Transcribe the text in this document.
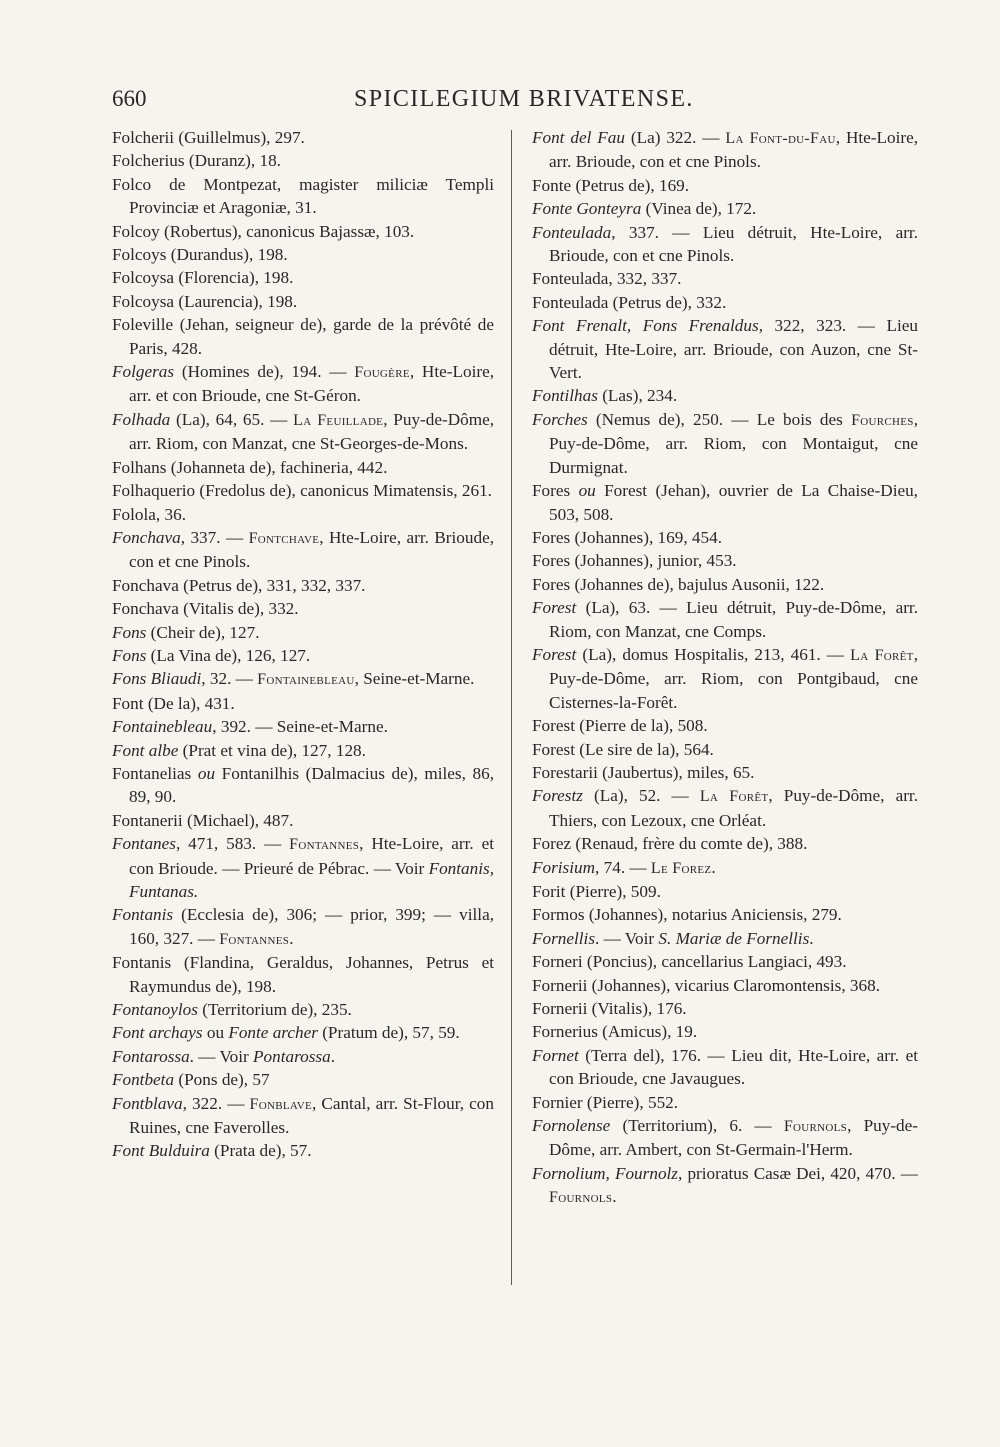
660	SPICILEGIUM BRIVATENSE.

Folcherii (Guillelmus), 297.

Folcherius (Duranz), 18.

Folco de Montpezat, magister miliciæ Templi Provinciæ et Aragoniæ, 31.

Folcoy (Robertus), canonicus Bajassæ, 103.

Folcoys (Durandus), 198.

Folcoysa (Florencia), 198.

Folcoysa (Laurencia), 198.

Foleville (Jehan, seigneur de), garde de la prévôté de Paris, 428.

Folgeras (Homines de), 194. — Fougère, Hte-Loire, arr. et con Brioude, cne St-Géron.

Folhada (La), 64, 65. — La Feuillade, Puy-de-Dôme, arr. Riom, con Manzat, cne St-Georges-de-Mons.

Folhans (Johanneta de), fachineria, 442.

Folhaquerio (Fredolus de), canonicus Mimatensis, 261.

Folola, 36.

Fonchava, 337. — Fontchave, Hte-Loire, arr. Brioude, con et cne Pinols.

Fonchava (Petrus de), 331, 332, 337.

Fonchava (Vitalis de), 332.

Fons (Cheir de), 127.

Fons (La Vina de), 126, 127.

Fons Bliaudi, 32. — Fontainebleau, Seine-et-Marne.

Font (De la), 431.

Fontainebleau, 392. — Seine-et-Marne.

Font albe (Prat et vina de), 127, 128.

Fontanelias ou Fontanilhis (Dalmacius de), miles, 86, 89, 90.

Fontanerii (Michael), 487.

Fontanes, 471, 583. — Fontannes, Hte-Loire, arr. et con Brioude. — Prieuré de Pébrac. — Voir Fontanis, Funtanas.

Fontanis (Ecclesia de), 306; — prior, 399; — villa, 160, 327. — Fontannes.

Fontanis (Flandina, Geraldus, Johannes, Petrus et Raymundus de), 198.

Fontanoylos (Territorium de), 235.

Font archays ou Fonte archer (Pratum de), 57, 59.

Fontarossa. — Voir Pontarossa.

Fontbeta (Pons de), 57

Fontblava, 322. — Fonblave, Cantal, arr. St-Flour, con Ruines, cne Faverolles.

Font Bulduira (Prata de), 57.

Font del Fau (La) 322. — La Font-du-Fau, Hte-Loire, arr. Brioude, con et cne Pinols.

Fonte (Petrus de), 169.

Fonte Gonteyra (Vinea de), 172.

Fonteulada, 337. — Lieu détruit, Hte-Loire, arr. Brioude, con et cne Pinols.

Fonteulada, 332, 337.

Fonteulada (Petrus de), 332.

Font Frenalt, Fons Frenaldus, 322, 323. — Lieu détruit, Hte-Loire, arr. Brioude, con Auzon, cne St-Vert.

Fontilhas (Las), 234.

Forches (Nemus de), 250. — Le bois des Fourches, Puy-de-Dôme, arr. Riom, con Montaigut, cne Durmignat.

Fores ou Forest (Jehan), ouvrier de La Chaise-Dieu, 503, 508.

Fores (Johannes), 169, 454.

Fores (Johannes), junior, 453.

Fores (Johannes de), bajulus Ausonii, 122.

Forest (La), 63. — Lieu détruit, Puy-de-Dôme, arr. Riom, con Manzat, cne Comps.

Forest (La), domus Hospitalis, 213, 461. — La Forêt, Puy-de-Dôme, arr. Riom, con Pontgibaud, cne Cisternes-la-Forêt.

Forest (Pierre de la), 508.

Forest (Le sire de la), 564.

Forestarii (Jaubertus), miles, 65.

Forestz (La), 52. — La Forêt, Puy-de-Dôme, arr. Thiers, con Lezoux, cne Orléat.

Forez (Renaud, frère du comte de), 388.

Forisium, 74. — Le Forez.

Forit (Pierre), 509.

Formos (Johannes), notarius Aniciensis, 279.

Fornellis. — Voir S. Mariæ de Fornellis.

Forneri (Poncius), cancellarius Langiaci, 493.

Fornerii (Johannes), vicarius Claromontensis, 368.

Fornerii (Vitalis), 176.

Fornerius (Amicus), 19.

Fornet (Terra del), 176. — Lieu dit, Hte-Loire, arr. et con Brioude, cne Javaugues.

Fornier (Pierre), 552.

Fornolense (Territorium), 6. — Fournols, Puy-de-Dôme, arr. Ambert, con St-Germain-l'Herm.

Fornolium, Fournolz, prioratus Casæ Dei, 420, 470. — Fournols.
